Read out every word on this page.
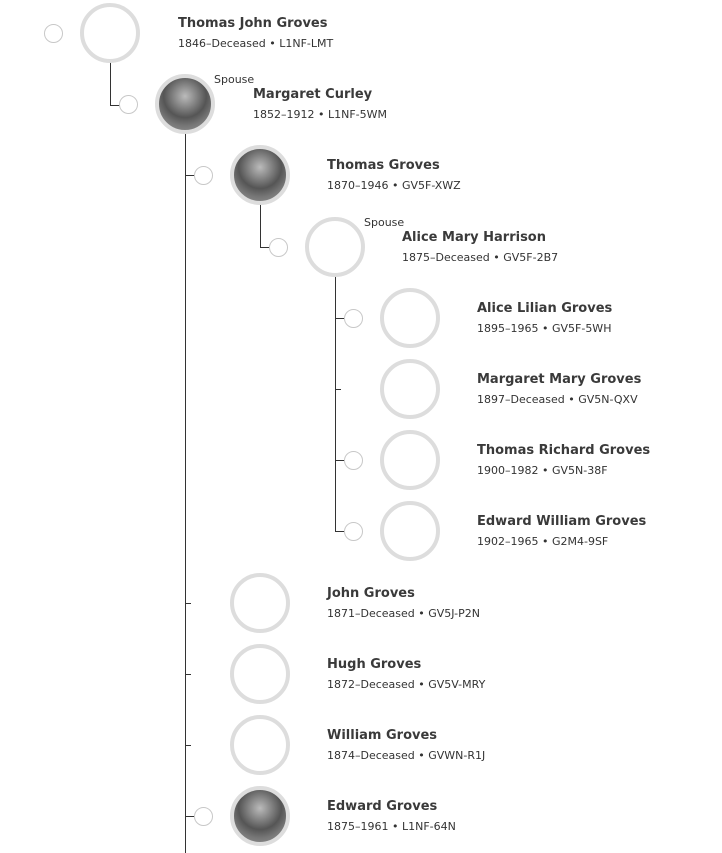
Thomas John Groves
1846–Deceased • L1NF-LMT
Margaret Curley
1852–1912 • L1NF-5WM
Spouse
Thomas Groves
1870–1946 • GV5F-XWZ
Alice Mary Harrison
1875–Deceased • GV5F-2B7
Spouse
Alice Lilian Groves
1895–1965 • GV5F-5WH
Margaret Mary Groves
1897–Deceased • GV5N-QXV
Thomas Richard Groves
1900–1982 • GV5N-38F
Edward William Groves
1902–1965 • G2M4-9SF
John Groves
1871–Deceased • GV5J-P2N
Hugh Groves
1872–Deceased • GV5V-MRY
William Groves
1874–Deceased • GVWN-R1J
Edward Groves
1875–1961 • L1NF-64N
